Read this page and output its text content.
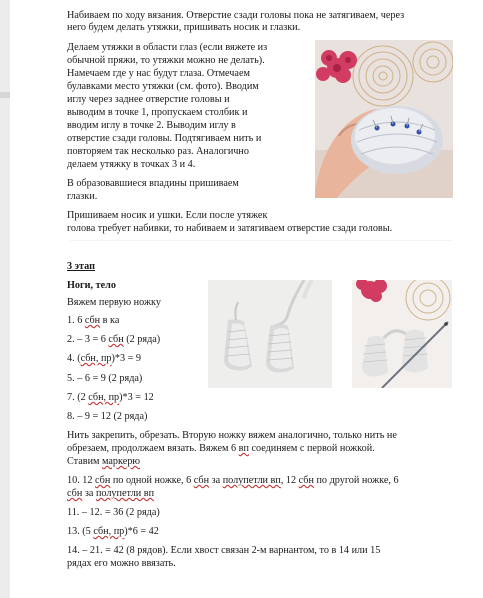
Набиваем по ходу вязания. Отверстие сзади головы пока не затягиваем, через
него будем делать утяжки, пришивать носик и глазки.
Делаем утяжки в области глаз (если вяжете из
обычной пряжи, то утяжки можно не делать).
Намечаем где у нас будут глаза. Отмечаем
булавками место утяжки (см. фото). Вводим
иглу через заднее отверстие головы и
выводим в точке 1, пропускаем столбик и
вводим иглу в точке 2. Выводим иглу в
отверстие сзади головы. Подтягиваем нить и
повторяем так несколько раз. Аналогично
делаем утяжку в точках 3 и 4.
В образовавшиеся впадины пришиваем
глазки.
Пришиваем носик и ушки. Если после утяжек
голова требует набивки, то набиваем и затягиваем отверстие сзади головы.
3 этап
Ноги, тело
Вяжем первую ножку
1. 6 сбн в ка
2. – 3 = 6 сбн (2 ряда)
4. (сбн, пр)*3 = 9
5. – 6 = 9 (2 ряда)
7. (2 сбн, пр)*3 = 12
8. – 9 = 12 (2 ряда)
Нить закрепить, обрезать. Вторую ножку вяжем аналогично, только нить не
обрезаем, продолжаем вязать. Вяжем 6 вп соединяем с первой ножкой.
Ставим маркерю
10. 12 сбн по одной ножке, 6 сбн за полупетли вп, 12 сбн по другой ножке, 6
сбн за полупетли вп
11. – 12. = 36 (2 ряда)
13. (5 сбн, пр)*6 = 42
14. – 21. = 42 (8 рядов). Если хвост связан 2-м варнантом, то в 14 или 15
рядах его можно ввязать.
